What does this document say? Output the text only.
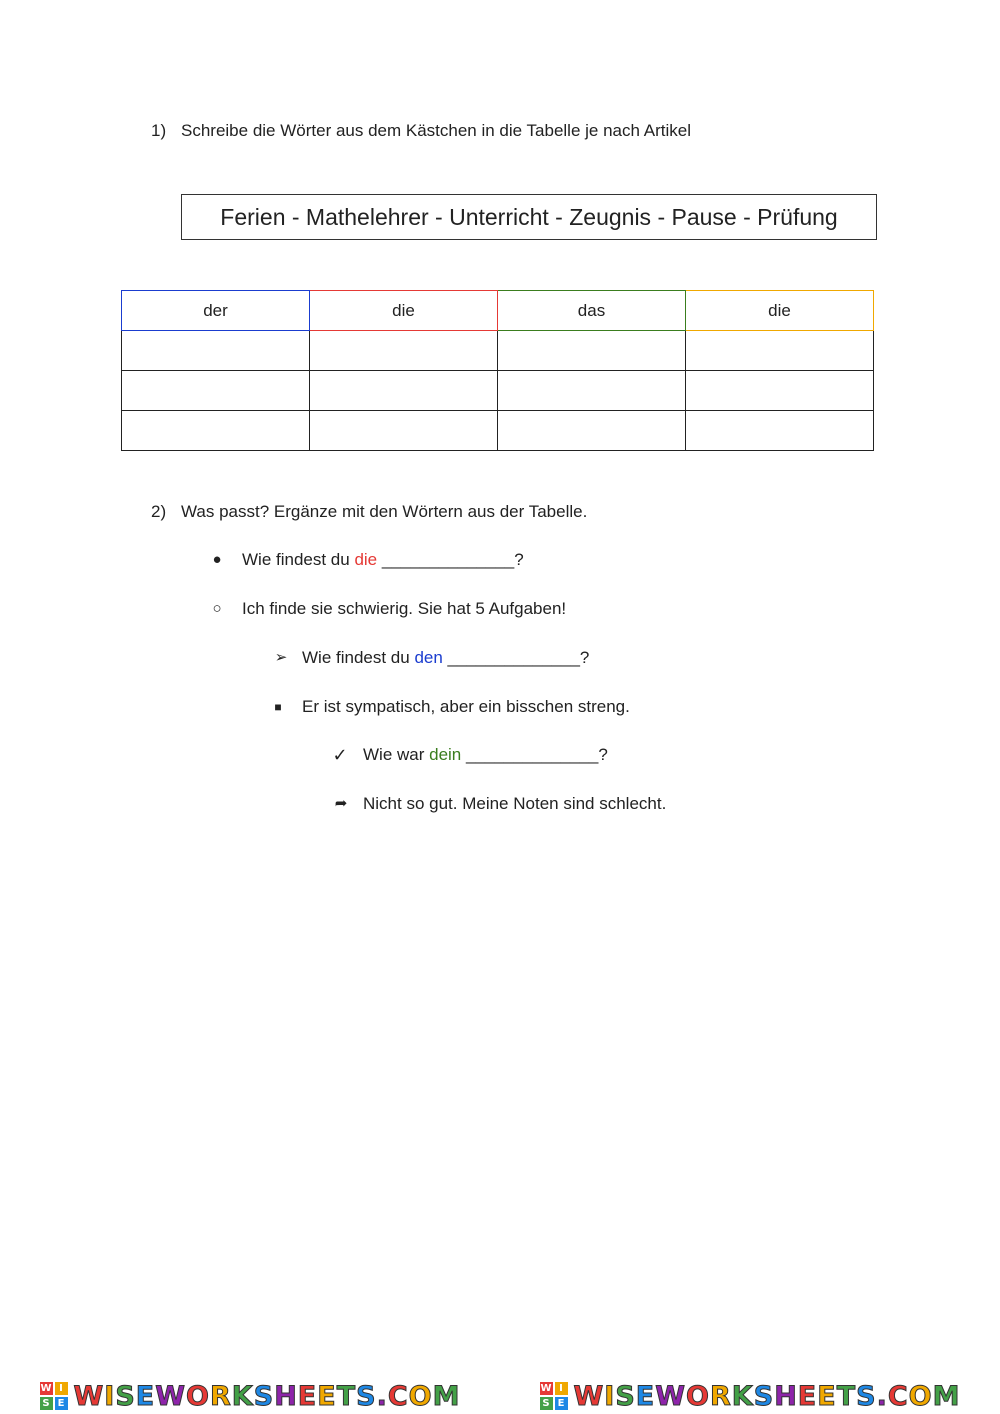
1) Schreibe die Wörter aus dem Kästchen in die Tabelle je nach Artikel
Ferien - Mathelehrer - Unterricht - Zeugnis - Pause - Prüfung
der	die	das	die

2) Was passt? Ergänze mit den Wörtern aus der Tabelle.
●	Wie findest du die ______________?
○	Ich finde sie schwierig. Sie hat 5 Aufgaben!
➢ Wie findest du den ______________?
■	Er ist sympatisch, aber ein bisschen streng.
✓ Wie war dein ______________?
➦ Nicht so gut. Meine Noten sind schlecht.
W I
S E WISEWORKSHEETS.COM	W I
S E WISEWORKSHEETS.COM
